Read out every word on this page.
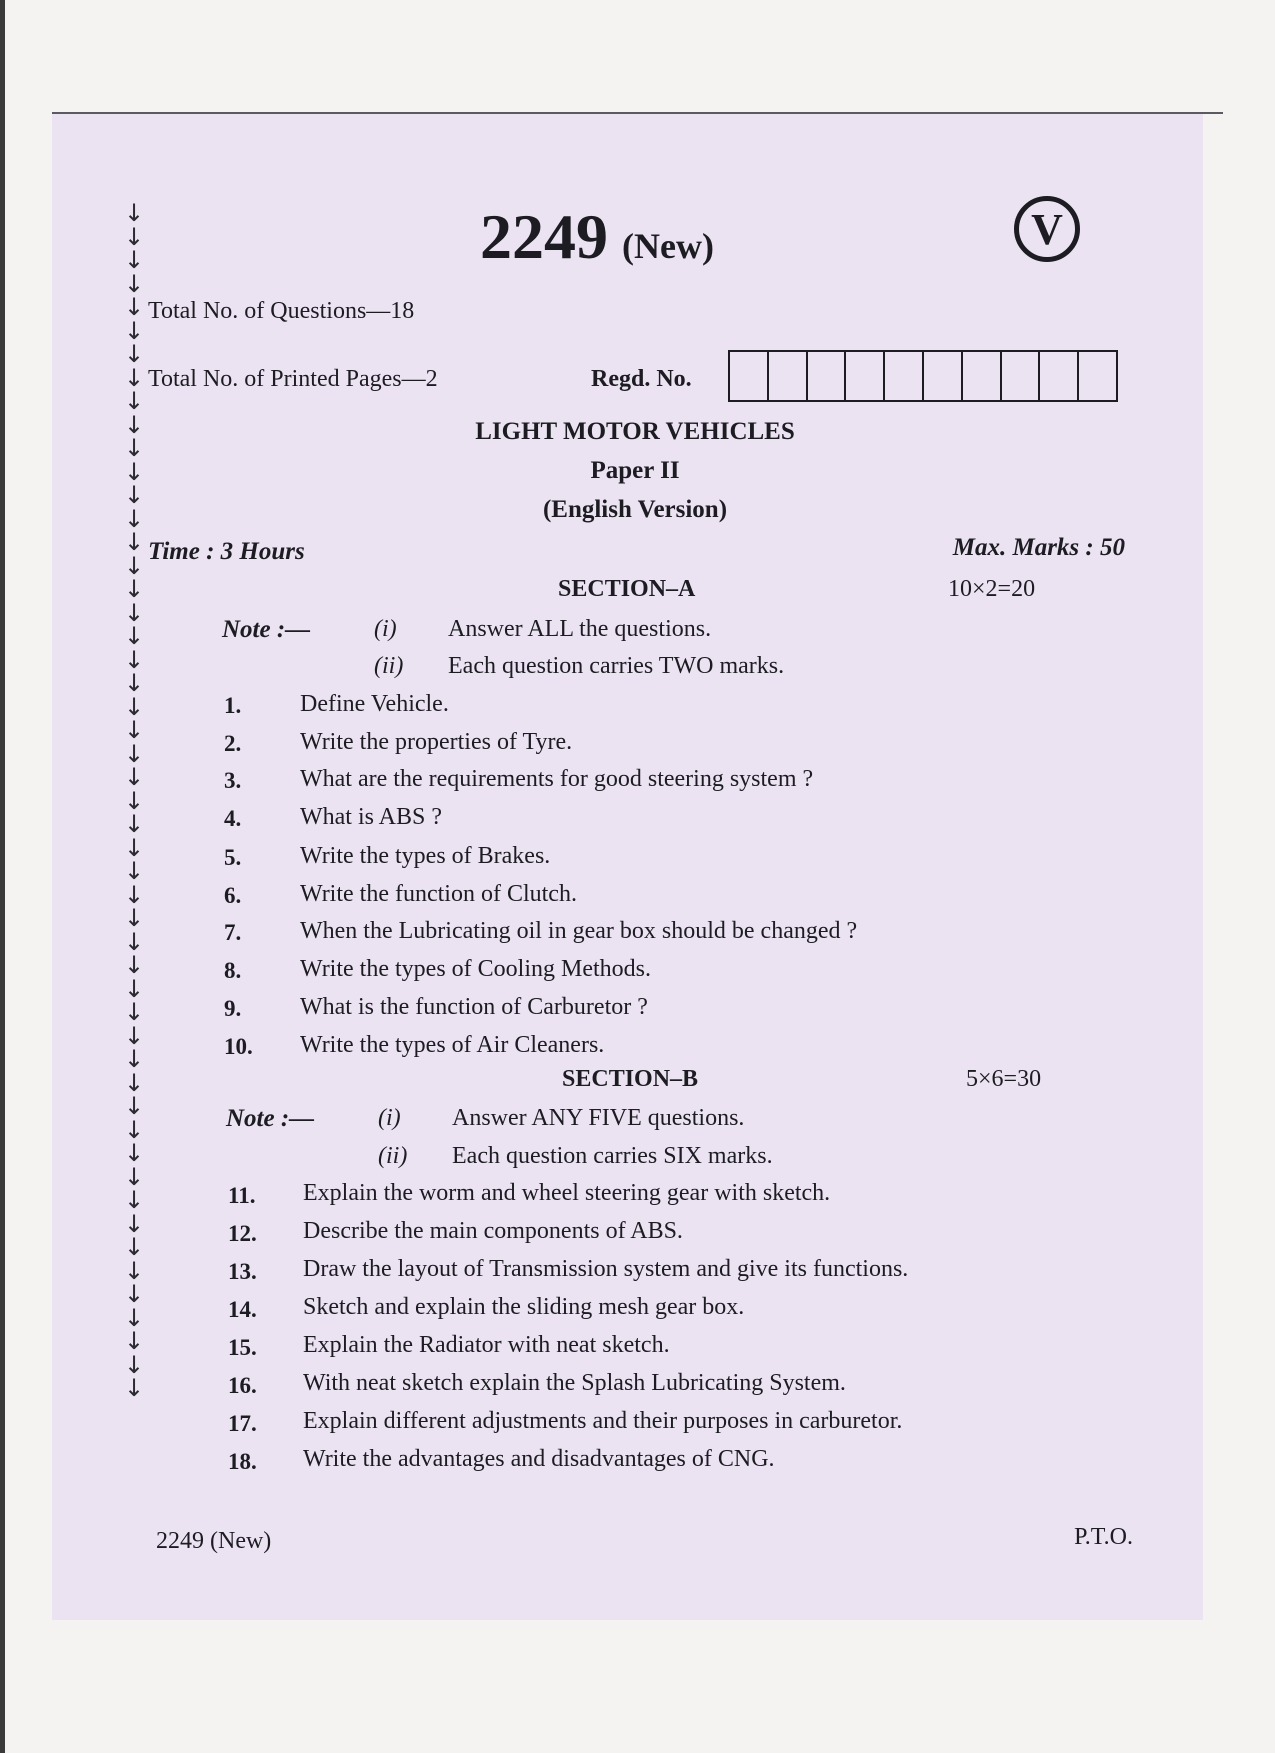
↓
↓
↓
↓
↓
↓
↓
↓
↓
↓
↓
↓
↓
↓
↓
↓
↓
↓
↓
↓
↓
↓
↓
↓
↓
↓
↓
↓
↓
↓
↓
↓
↓
↓
↓
↓
↓
↓
↓
↓
↓
↓
↓
↓
↓
↓
↓
↓
↓
↓
↓
2249 (New)	V
Total No. of Questions—18
Total No. of Printed Pages—2	Regd. No.
LIGHT MOTOR VEHICLES
Paper II
(English Version)
Time : 3 Hours	Max. Marks : 50
SECTION–A	10×2=20
Note :—	(i) Answer ALL the questions.
(ii) Each question carries TWO marks.
1. Define Vehicle.
2. Write the properties of Tyre.
3. What are the requirements for good steering system ?
4. What is ABS ?
5. Write the types of Brakes.
6. Write the function of Clutch.
7. When the Lubricating oil in gear box should be changed ?
8. Write the types of Cooling Methods.
9. What is the function of Carburetor ?
10. Write the types of Air Cleaners.
SECTION–B	5×6=30
Note :—	(i) Answer ANY FIVE questions.
(ii) Each question carries SIX marks.
11. Explain the worm and wheel steering gear with sketch.
12. Describe the main components of ABS.
13. Draw the layout of Transmission system and give its functions.
14. Sketch and explain the sliding mesh gear box.
15. Explain the Radiator with neat sketch.
16. With neat sketch explain the Splash Lubricating System.
17. Explain different adjustments and their purposes in carburetor.
18. Write the advantages and disadvantages of CNG.
2249 (New)	P.T.O.
